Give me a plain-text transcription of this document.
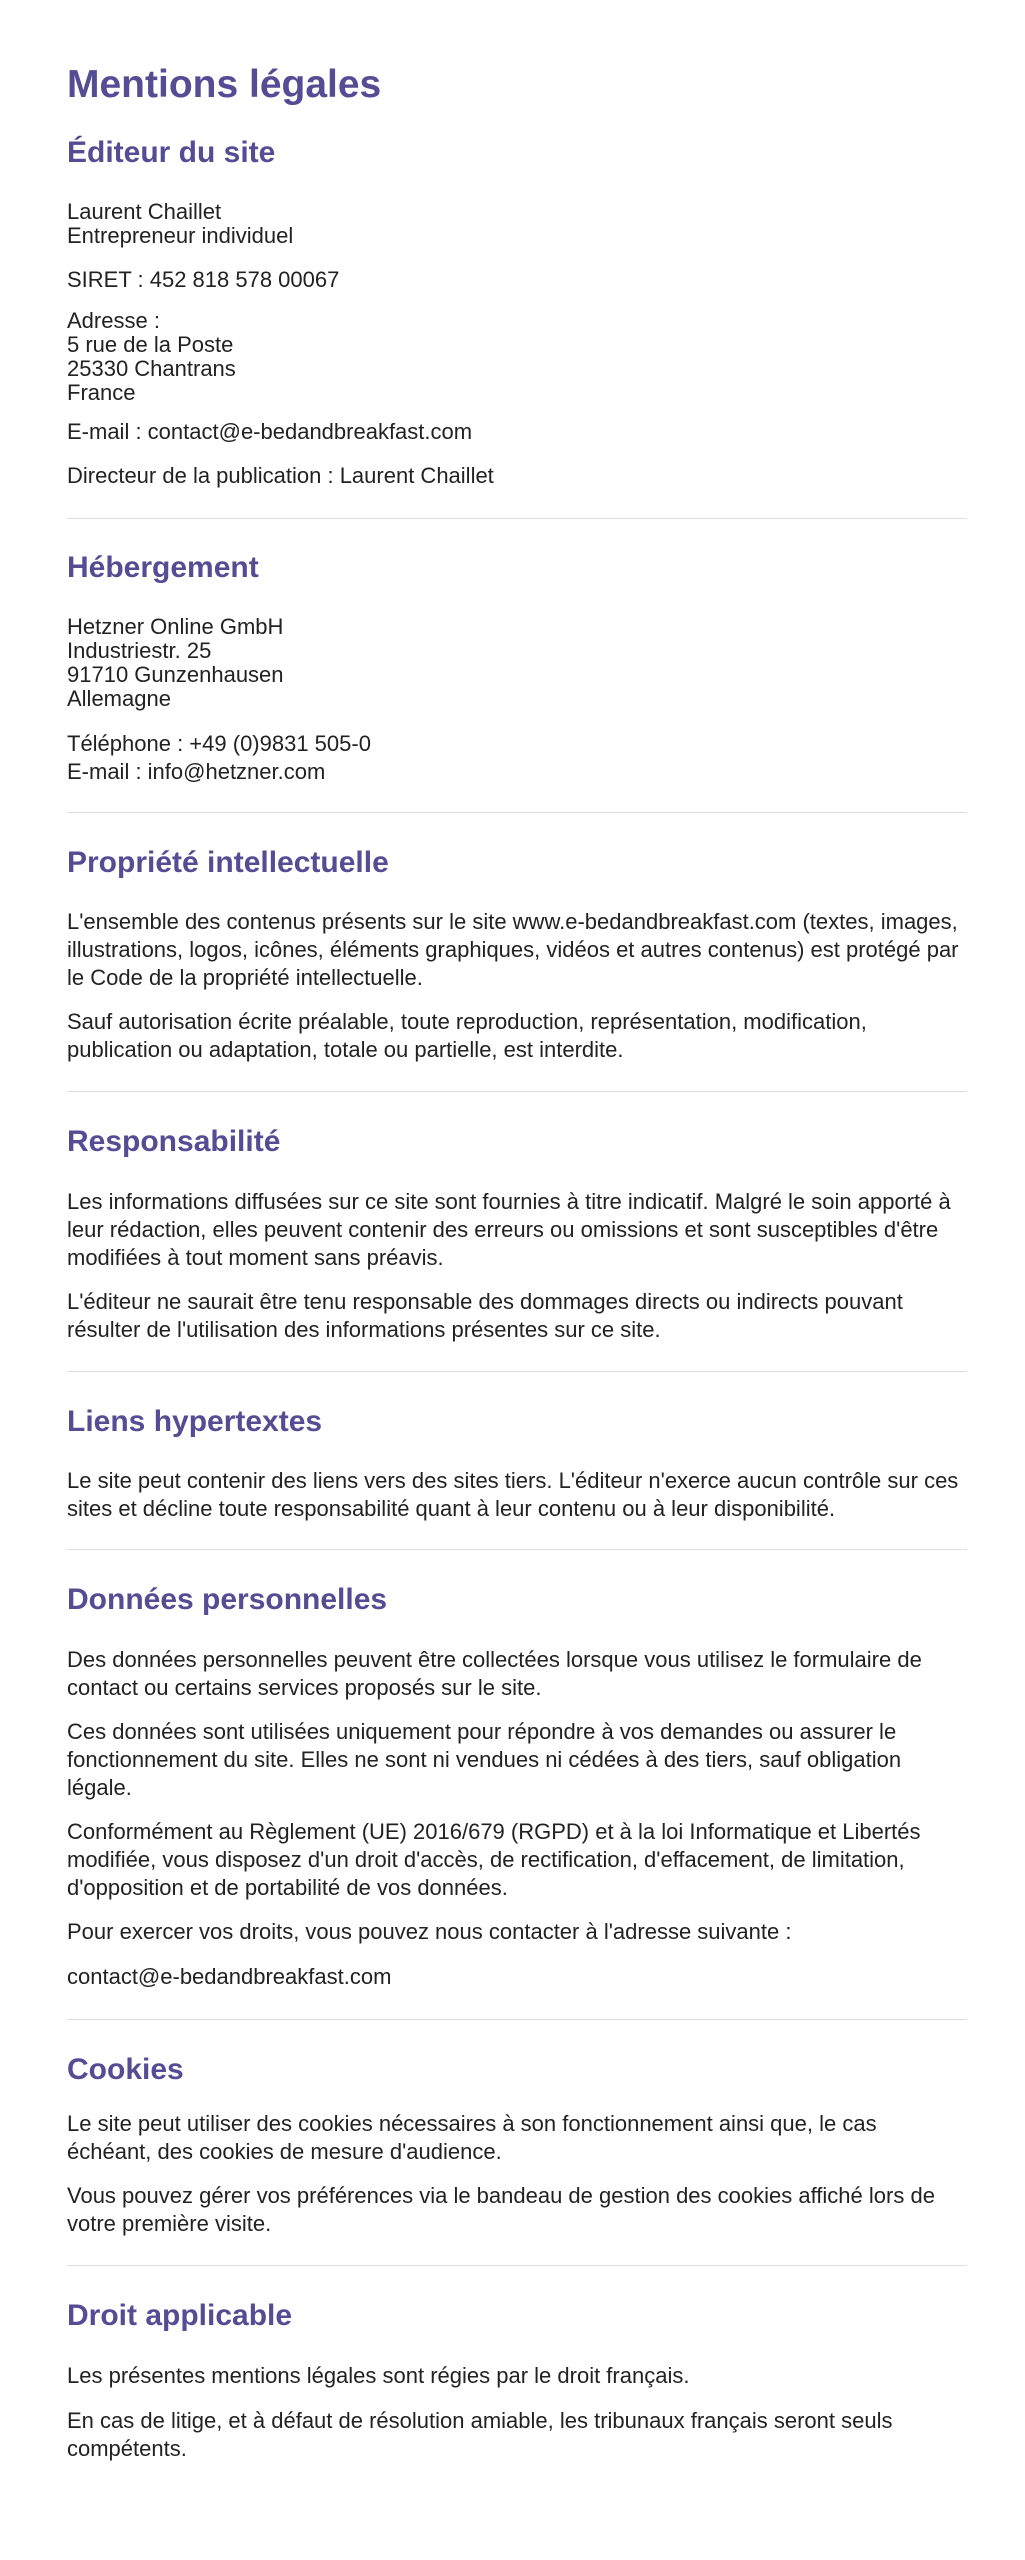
Mentions légales
Éditeur du site

Laurent Chaillet
Entrepreneur individuel

SIRET : 452 818 578 00067

Adresse :
5 rue de la Poste
25330 Chantrans
France

E-mail : contact@e-bedandbreakfast.com

Directeur de la publication : Laurent Chaillet

Hébergement

Hetzner Online GmbH
Industriestr. 25
91710 Gunzenhausen
Allemagne

Téléphone : +49 (0)9831 505-0
E-mail : info@hetzner.com

Propriété intellectuelle

L'ensemble des contenus présents sur le site www.e-bedandbreakfast.com (textes, images, illustrations, logos, icônes, éléments graphiques, vidéos et autres contenus) est protégé par le Code de la propriété intellectuelle.

Sauf autorisation écrite préalable, toute reproduction, représentation, modification, publication ou adaptation, totale ou partielle, est interdite.

Responsabilité

Les informations diffusées sur ce site sont fournies à titre indicatif. Malgré le soin apporté à leur rédaction, elles peuvent contenir des erreurs ou omissions et sont susceptibles d'être modifiées à tout moment sans préavis.

L'éditeur ne saurait être tenu responsable des dommages directs ou indirects pouvant résulter de l'utilisation des informations présentes sur ce site.

Liens hypertextes

Le site peut contenir des liens vers des sites tiers. L'éditeur n'exerce aucun contrôle sur ces sites et décline toute responsabilité quant à leur contenu ou à leur disponibilité.

Données personnelles

Des données personnelles peuvent être collectées lorsque vous utilisez le formulaire de contact ou certains services proposés sur le site.

Ces données sont utilisées uniquement pour répondre à vos demandes ou assurer le fonctionnement du site. Elles ne sont ni vendues ni cédées à des tiers, sauf obligation légale.

Conformément au Règlement (UE) 2016/679 (RGPD) et à la loi Informatique et Libertés modifiée, vous disposez d'un droit d'accès, de rectification, d'effacement, de limitation, d'opposition et de portabilité de vos données.

Pour exercer vos droits, vous pouvez nous contacter à l'adresse suivante :

contact@e-bedandbreakfast.com

Cookies

Le site peut utiliser des cookies nécessaires à son fonctionnement ainsi que, le cas échéant, des cookies de mesure d'audience.

Vous pouvez gérer vos préférences via le bandeau de gestion des cookies affiché lors de votre première visite.

Droit applicable

Les présentes mentions légales sont régies par le droit français.

En cas de litige, et à défaut de résolution amiable, les tribunaux français seront seuls compétents.
